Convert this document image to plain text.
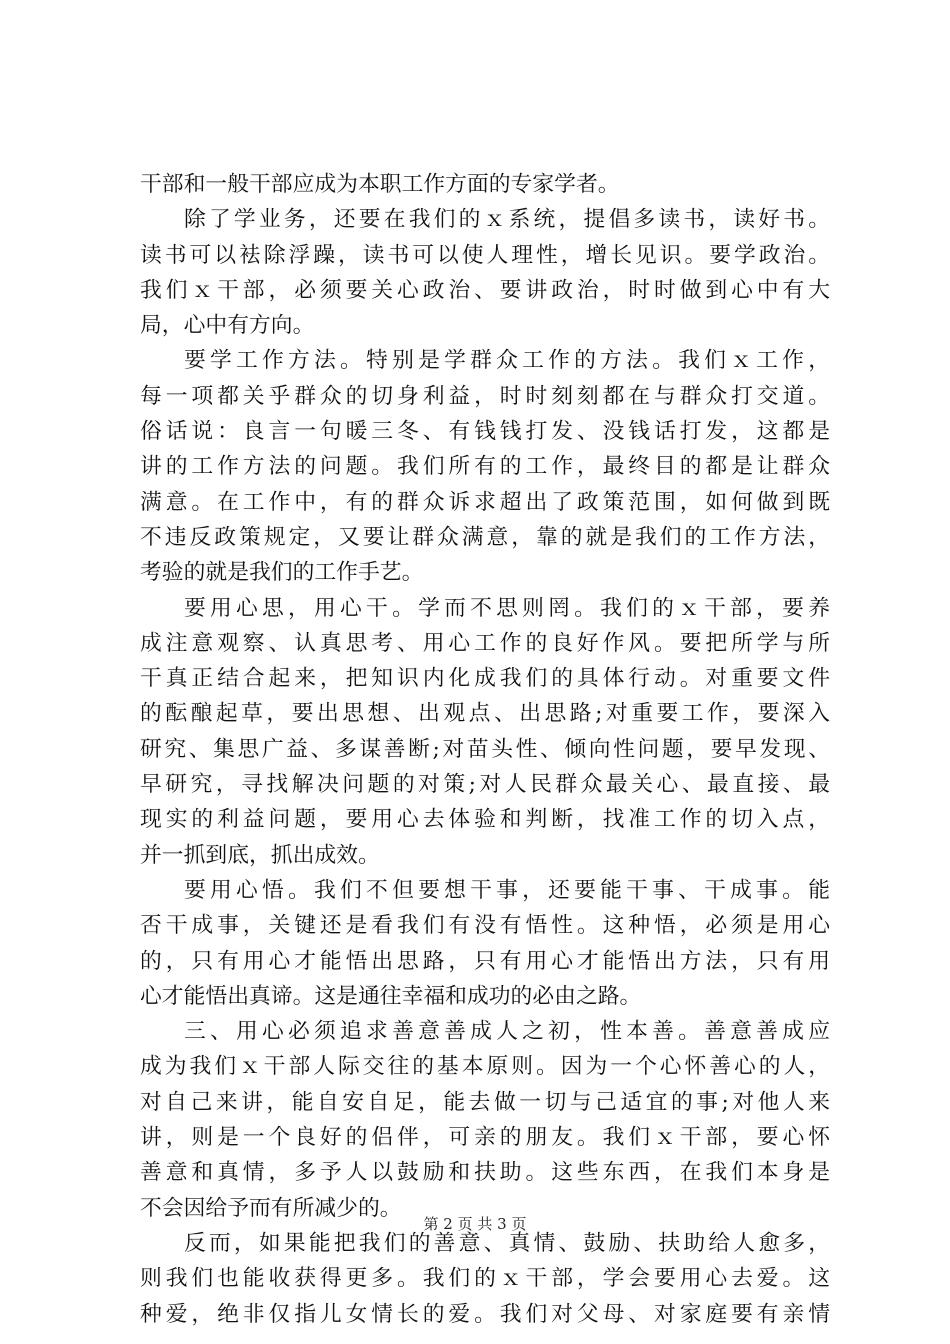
干部和一般干部应成为本职工作方面的专家学者。
除了学业务，还要在我们的ｘ系统，提倡多读书，读好书。
读书可以袪除浮躁，读书可以使人理性，增长见识。要学政治。
我们ｘ干部，必须要关心政治、要讲政治，时时做到心中有大
局，心中有方向。
要学工作方法。特别是学群众工作的方法。我们ｘ工作，
每一项都关乎群众的切身利益，时时刻刻都在与群众打交道。
俗话说：良言一句暖三冬、有钱钱打发、没钱话打发，这都是
讲的工作方法的问题。我们所有的工作，最终目的都是让群众
满意。在工作中，有的群众诉求超出了政策范围，如何做到既
不违反政策规定，又要让群众满意，靠的就是我们的工作方法，
考验的就是我们的工作手艺。
要用心思，用心干。学而不思则罔。我们的ｘ干部，要养
成注意观察、认真思考、用心工作的良好作风。要把所学与所
干真正结合起来，把知识内化成我们的具体行动。对重要文件
的酝酿起草，要出思想、出观点、出思路;对重要工作，要深入
研究、集思广益、多谋善断;对苗头性、倾向性问题，要早发现、
早研究，寻找解决问题的对策;对人民群众最关心、最直接、最
现实的利益问题，要用心去体验和判断，找准工作的切入点，
并一抓到底，抓出成效。
要用心悟。我们不但要想干事，还要能干事、干成事。能
否干成事，关键还是看我们有没有悟性。这种悟，必须是用心
的，只有用心才能悟出思路，只有用心才能悟出方法，只有用
心才能悟出真谛。这是通往幸福和成功的必由之路。
三、用心必须追求善意善成人之初，性本善。善意善成应
成为我们ｘ干部人际交往的基本原则。因为一个心怀善心的人，
对自己来讲，能自安自足，能去做一切与己适宜的事;对他人来
讲，则是一个良好的侣伴，可亲的朋友。我们ｘ干部，要心怀
善意和真情，多予人以鼓励和扶助。这些东西，在我们本身是
不会因给予而有所减少的。
反而，如果能把我们的善意、真情、鼓励、扶助给人愈多，
则我们也能收获得更多。我们的ｘ干部，学会要用心去爱。这
种爱，绝非仅指儿女情长的爱。我们对父母、对家庭要有亲情
第 2 页 共 3 页
